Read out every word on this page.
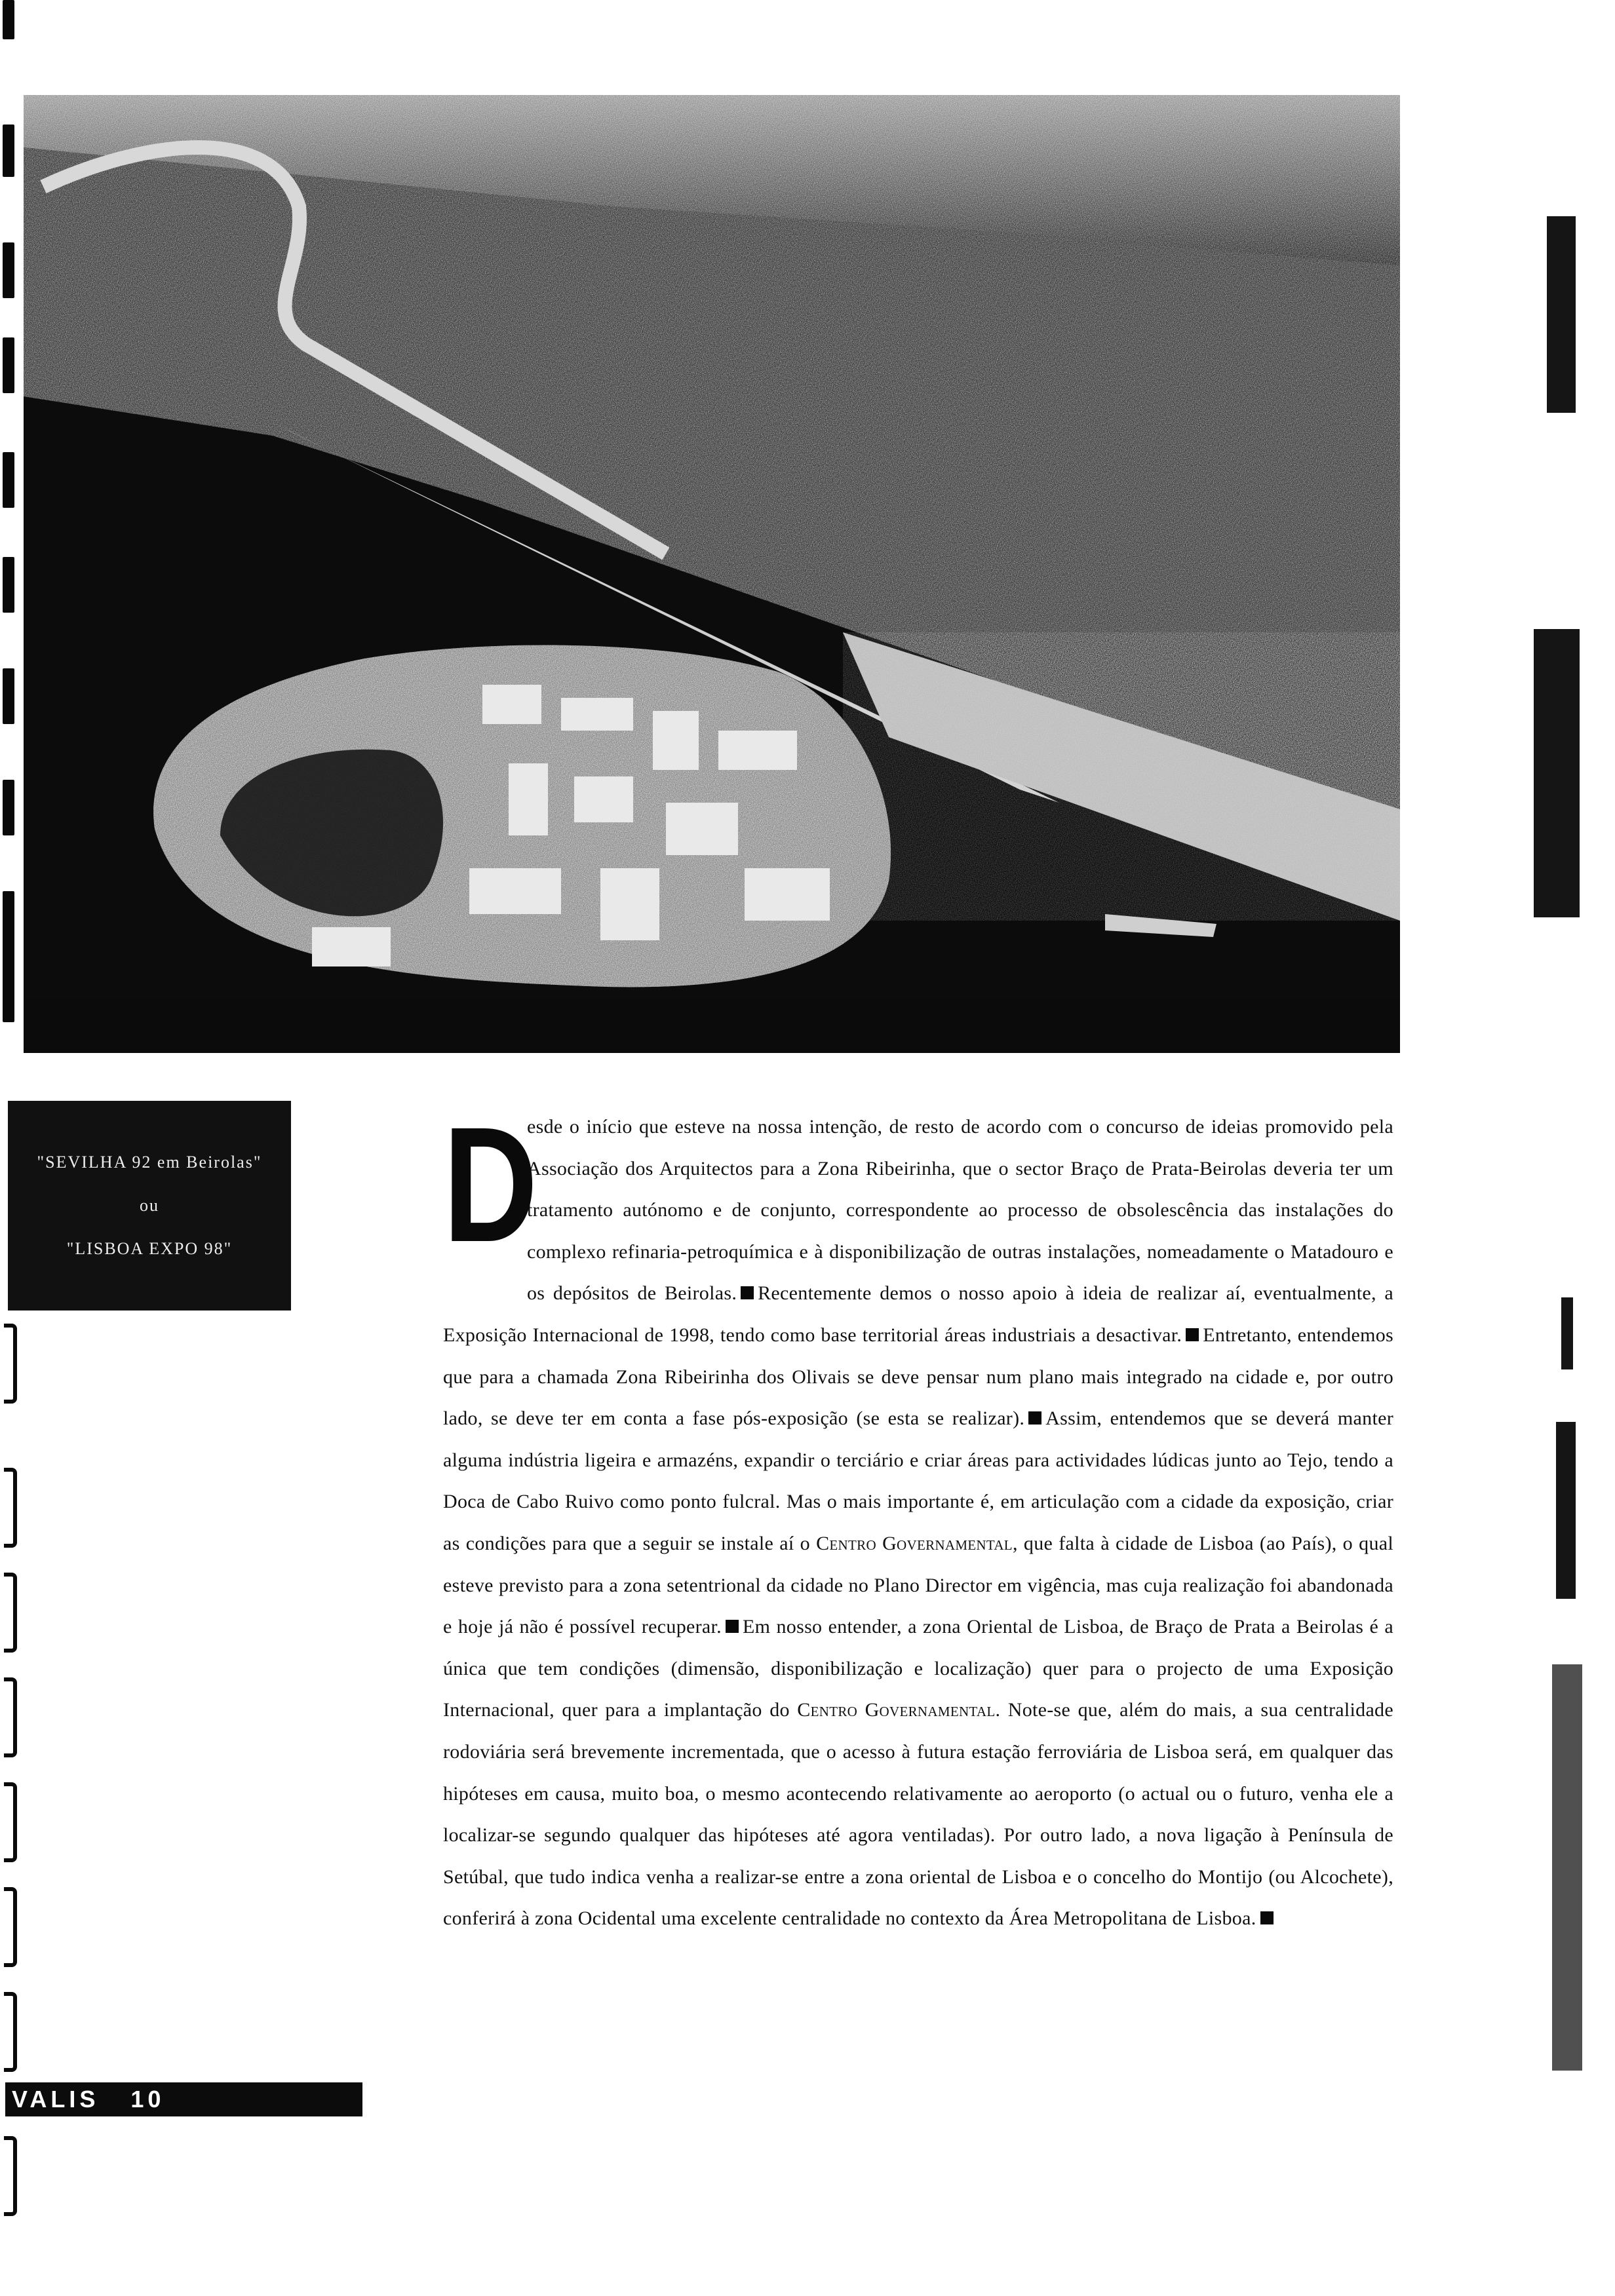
"SEVILHA 92 em Beirolas"
ou
"LISBOA EXPO 98" D

esde o início que esteve na nossa intenção, de resto de acordo com o concurso de ideias promovido pela Associação dos Arquitectos para a Zona Ribeirinha, que o sector Braço de Prata-Beirolas deveria ter um tratamento autónomo e de conjunto, correspondente ao processo de obsolescência das instalações do complexo refinaria-petroquímica e à disponibilização de outras instalações, nomeadamente o Matadouro e os depósitos de Beirolas. Recentemente demos o nosso apoio à ideia de realizar aí, eventualmente, a Exposição Internacional de 1998, tendo como base territorial áreas industriais a desactivar. Entretanto, entendemos que para a chamada Zona Ribeirinha dos Olivais se deve pensar num plano mais integrado na cidade e, por outro lado, se deve ter em conta a fase pós-exposição (se esta se realizar). Assim, entendemos que se deverá manter alguma indústria ligeira e armazéns, expandir o terciário e criar áreas para actividades lúdicas junto ao Tejo, tendo a Doca de Cabo Ruivo como ponto fulcral. Mas o mais importante é, em articulação com a cidade da exposição, criar as condições para que a seguir se instale aí o Centro Governamental, que falta à cidade de Lisboa (ao País), o qual esteve previsto para a zona setentrional da cidade no Plano Director em vigência, mas cuja realização foi abandonada e hoje já não é possível recuperar. Em nosso entender, a zona Oriental de Lisboa, de Braço de Prata a Beirolas é a única que tem condições (dimensão, disponibilização e localização) quer para o projecto de uma Exposição Internacional, quer para a implantação do Centro Governamental. Note-se que, além do mais, a sua centralidade rodoviária será brevemente incrementada, que o acesso à futura estação ferroviária de Lisboa será, em qualquer das hipóteses em causa, muito boa, o mesmo acontecendo relativamente ao aeroporto (o actual ou o futuro, venha ele a localizar-se segundo qualquer das hipóteses até agora ventiladas). Por outro lado, a nova ligação à Península de Setúbal, que tudo indica venha a realizar-se entre a zona oriental de Lisboa e o concelho do Montijo (ou Alcochete), conferirá à zona Ocidental uma excelente centralidade no contexto da Área Metropolitana de Lisboa.

VALIS 10
